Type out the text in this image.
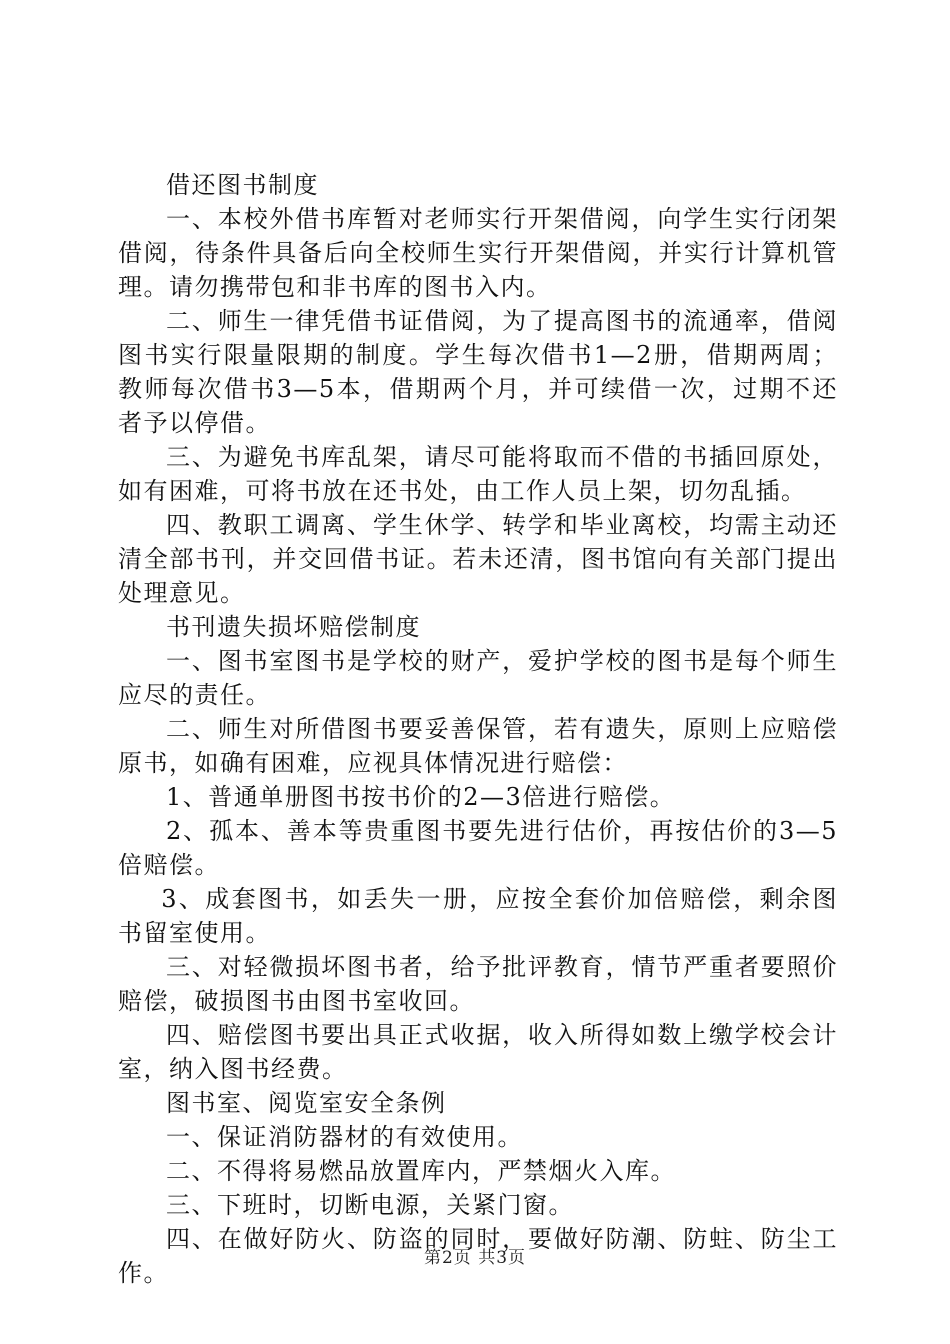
借还图书制度

一、本校外借书库暂对老师实行开架借阅，向学生实行闭架借阅，待条件具备后向全校师生实行开架借阅，并实行计算机管理。请勿携带包和非书库的图书入内。

二、师生一律凭借书证借阅，为了提高图书的流通率，借阅图书实行限量限期的制度。学生每次借书1—2册，借期两周；教师每次借书3—5本，借期两个月，并可续借一次，过期不还者予以停借。

三、为避免书库乱架，请尽可能将取而不借的书插回原处，如有困难，可将书放在还书处，由工作人员上架，切勿乱插。

四、教职工调离、学生休学、转学和毕业离校，均需主动还清全部书刊，并交回借书证。若未还清，图书馆向有关部门提出处理意见。

书刊遗失损坏赔偿制度

一、图书室图书是学校的财产，爱护学校的图书是每个师生应尽的责任。

二、师生对所借图书要妥善保管，若有遗失，原则上应赔偿原书，如确有困难，应视具体情况进行赔偿：

1、普通单册图书按书价的2—3倍进行赔偿。

2、孤本、善本等贵重图书要先进行估价，再按估价的3—5倍赔偿。

3、成套图书，如丢失一册，应按全套价加倍赔偿，剩余图书留室使用。

三、对轻微损坏图书者，给予批评教育，情节严重者要照价赔偿，破损图书由图书室收回。

四、赔偿图书要出具正式收据，收入所得如数上缴学校会计室，纳入图书经费。

图书室、阅览室安全条例

一、保证消防器材的有效使用。

二、不得将易燃品放置库内，严禁烟火入库。

三、下班时，切断电源，关紧门窗。

四、在做好防火、防盗的同时，要做好防潮、防蛀、防尘工作。

第2页 共3页
